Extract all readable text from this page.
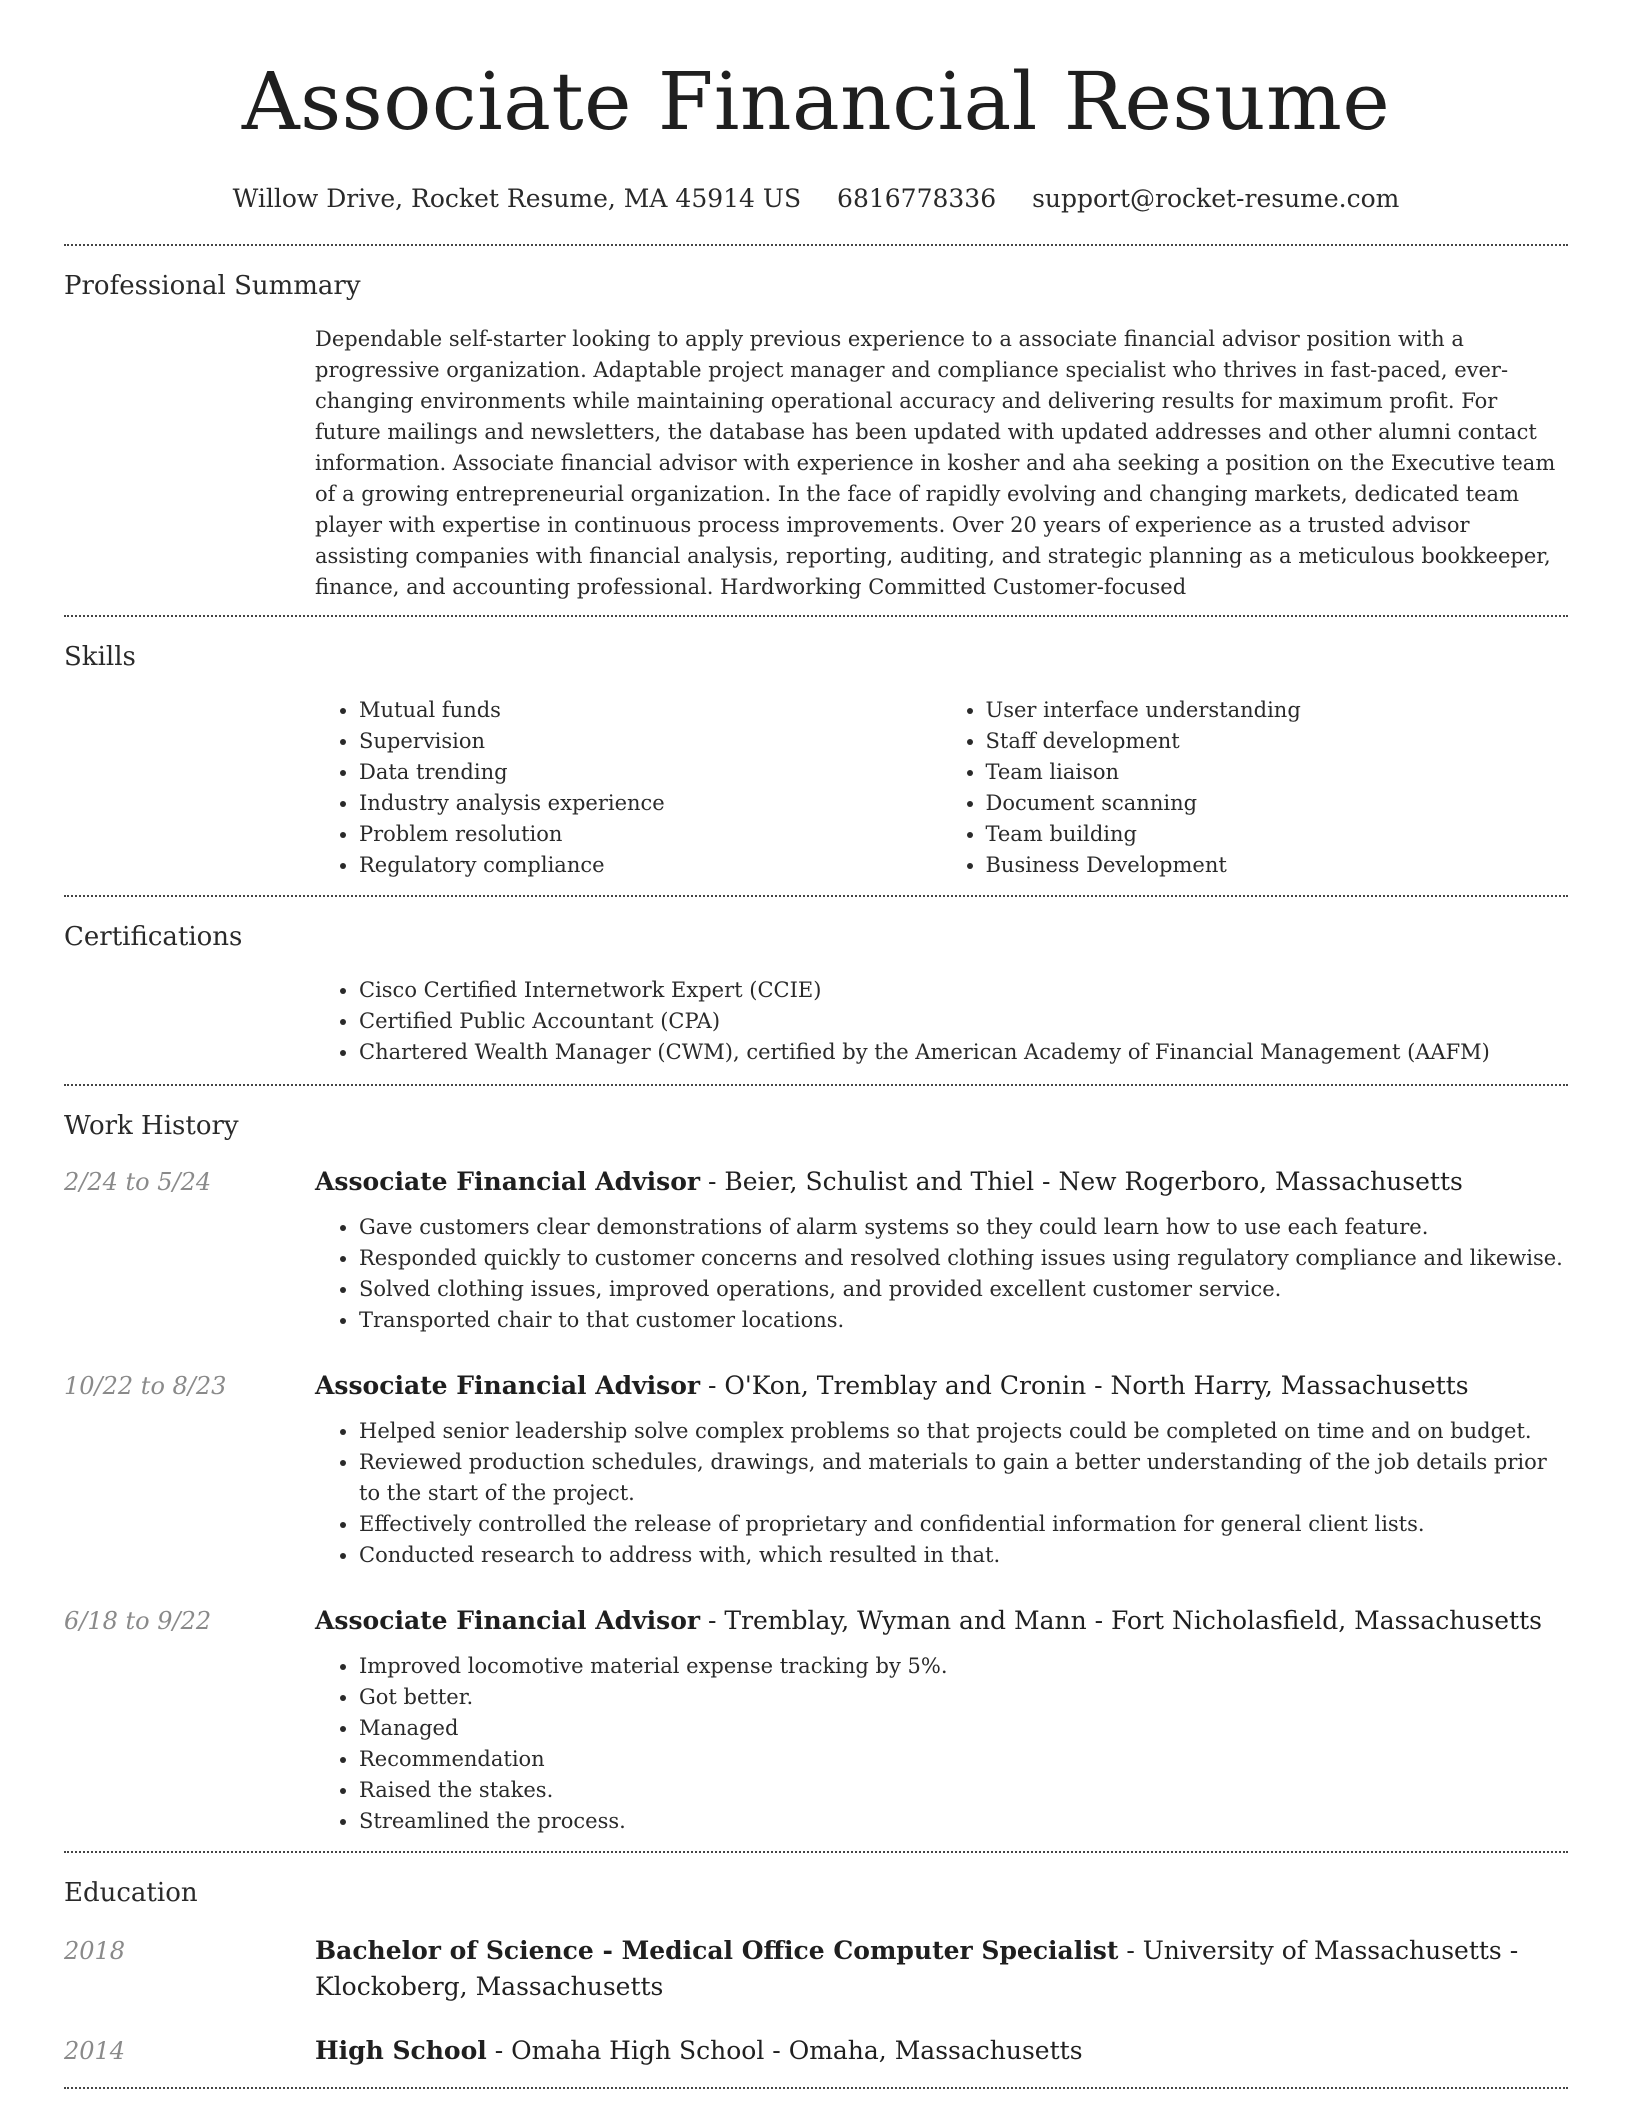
Associate Financial Resume
Willow Drive, Rocket Resume, MA 45914 US 6816778336 support@rocket-resume.com
Professional Summary
Dependable self-starter looking to apply previous experience to a associate financial advisor position with a progressive organization. Adaptable project manager and compliance specialist who thrives in fast-paced, ever-changing environments while maintaining operational accuracy and delivering results for maximum profit. For future mailings and newsletters, the database has been updated with updated addresses and other alumni contact information. Associate financial advisor with experience in kosher and aha seeking a position on the Executive team of a growing entrepreneurial organization. In the face of rapidly evolving and changing markets, dedicated team player with expertise in continuous process improvements. Over 20 years of experience as a trusted advisor assisting companies with financial analysis, reporting, auditing, and strategic planning as a meticulous bookkeeper, finance, and accounting professional. Hardworking Committed Customer-focused
Skills
• Mutual funds
• Supervision
• Data trending
• Industry analysis experience
• Problem resolution
• Regulatory compliance
• User interface understanding
• Staff development
• Team liaison
• Document scanning
• Team building
• Business Development
Certifications
• Cisco Certified Internetwork Expert (CCIE)
• Certified Public Accountant (CPA)
• Chartered Wealth Manager (CWM), certified by the American Academy of Financial Management (AAFM)
Work History
2/24 to 5/24	Associate Financial Advisor - Beier, Schulist and Thiel - New Rogerboro, Massachusetts
• Gave customers clear demonstrations of alarm systems so they could learn how to use each feature.
• Responded quickly to customer concerns and resolved clothing issues using regulatory compliance and likewise.
• Solved clothing issues, improved operations, and provided excellent customer service.
• Transported chair to that customer locations.
10/22 to 8/23	Associate Financial Advisor - O'Kon, Tremblay and Cronin - North Harry, Massachusetts
• Helped senior leadership solve complex problems so that projects could be completed on time and on budget.
• Reviewed production schedules, drawings, and materials to gain a better understanding of the job details prior to the start of the project.
• Effectively controlled the release of proprietary and confidential information for general client lists.
• Conducted research to address with, which resulted in that.
6/18 to 9/22	Associate Financial Advisor - Tremblay, Wyman and Mann - Fort Nicholasfield, Massachusetts
• Improved locomotive material expense tracking by 5%.
• Got better.
• Managed
• Recommendation
• Raised the stakes.
• Streamlined the process.
Education
2018	Bachelor of Science - Medical Office Computer Specialist - University of Massachusetts - Klockoberg, Massachusetts
2014	High School - Omaha High School - Omaha, Massachusetts
